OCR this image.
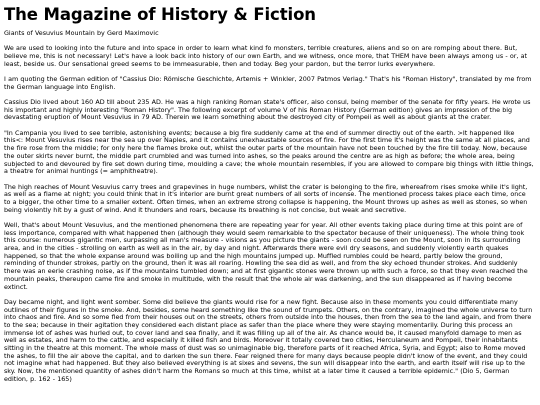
The Magazine of History & Fiction

Giants of Vesuvius Mountain by Gerd Maximovic

We are used to looking into the future and into space in order to learn what kind fo monsters, terrible creatures, aliens and so on are romping about there. But, believe me, this is not necessary! Let's have a look back into history of our own Earth, and we witness, once more, that THEM have been always among us - or, at least, beside us. Our sensational greed seems to be immeasurable, then and today. Beg your pardon, but the terror lurks everywhere.

I am quoting the German edition of "Cassius Dio: Römische Geschichte, Artemis + Winkler, 2007 Patmos Verlag." That's his "Roman History", translated by me from the German language into English.

Cassius Dio lived about 160 AD till about 235 AD. He was a high ranking Roman state's officer, also consul, being member of the senate for fifty years. He wrote us his important and highly interesting "Roman History". The following excerpt of volume V of his Roman History (German edition) gives an impression of the big devastating eruption of Mount Vesuvius in 79 AD. Therein we learn something about the destroyed city of Pompeii as well as about giants at the crater.

"In Campania you lived to see terrible, astonishing events; because a big fire suddenly came at the end of summer directly out of the earth. >It happened like this<: Mount Vesuvius rises near the sea up over Naples, and it contains unexhaustable sources of fire. For the first time it's height was the same at all places, and the fire rose from the middle; for only here the flames broke out, whilst the outer parts of the mountain have not been touched by the fire till today. Now, because the outer skirts never burnt, the middle part crumbled and was turned into ashes, so the peaks around the centre are as high as before; the whole area, being subjected to and devoured by fire set down during time, moulding a cave; the whole mountain resembles, if you are allowed to compare big things with little things, a theatre for animal huntings (= amphitheatre).

The high reaches of Mount Vesuvius carry trees and grapevines in huge numbers, whilst the crater is belonging to the fire, whereafrom rises smoke while it's light, as well as a flame at night; you could think that in it's interior are burnt great numbers of all sorts of incense. The mentioned process takes place each time, once to a bigger, the other time to a smaller extent. Often times, when an extreme strong collapse is happening, the Mount throws up ashes as well as stones, so when being violently hit by a gust of wind. And it thunders and roars, because its breathing is not concise, but weak and secretive.

Well, that's about Mount Vesuvius, and the mentioned phenomena there are repeating year for year. All other events taking place during time at this point are of less importance, compared with what happened then (although they would seem remarkable to the spectator because of their uniqueness). The whole thing took this course: numerous gigantic men, surpassing all man's measure - visions as you picture the giants - soon could be seen on the Mount, soon in its surrounding area, and in the cities - strolling on earth as well as in the air, by day and night. Afterwards there were evil dry seasons, and suddenly violently earth quakes happened, so that the whole expanse around was boiling up and the high mountains jumped up. Muffled rumbles could be heard, partly below the ground, reminding of thunder strokes, partly on the ground, then it was all roaring. Howling the sea did as well, and from the sky echoed thunder strokes. And suddenly there was an eerie crashing noise, as if the mountains tumbled down; and at first gigantic stones were thrown up with such a force, so that they even reached the mountain peaks, thereupon came fire and smoke in multitude, with the result that the whole air was darkening, and the sun disappeared as if having become extinct.

Day became night, and light went somber. Some did believe the giants would rise for a new fight. Because also in these moments you could differentiate many outlines of their figures in the smoke. And, besides, some heard something like the sound of trumpets. Others, on the contrary, imagined the whole universe to turn into chaos and fire. And so some fled from their houses out on the streets, others from outside into the houses, then from the sea to the land again, and from there to the sea; because in their agitation they considered each distant place as safer than the place where they were staying momentarily. During this process an immense lot of ashes was hurled out, to cover land and sea finally, and it was filling up all of the air. As chance would be, it caused manyfold damage to men as well as estates, and harm to the cattle, and especially it killed fish and birds. Moreover it totally covered two cities, Herculaneum and Pompeii, their inhabitants sitting in the theatre at this moment. The whole mass of dust was so unimaginable big, therefore parts of it reached Africa, Syria, and Egypt; also to Rome moved the ashes, to fill the air above the capital, and to darken the sun there. Fear reigned there for many days because people didn't know of the event, and they could not imagine what had happened. But they also believed everything is at sixes and sevens, the sun will disappear into the earth, and earth itself will rise up to the sky. Now, the mentioned quantity of ashes didn't harm the Romans so much at this time, whilst at a later time it caused a terrible epidemic." (Dio 5, German edition, p. 162 - 165)
